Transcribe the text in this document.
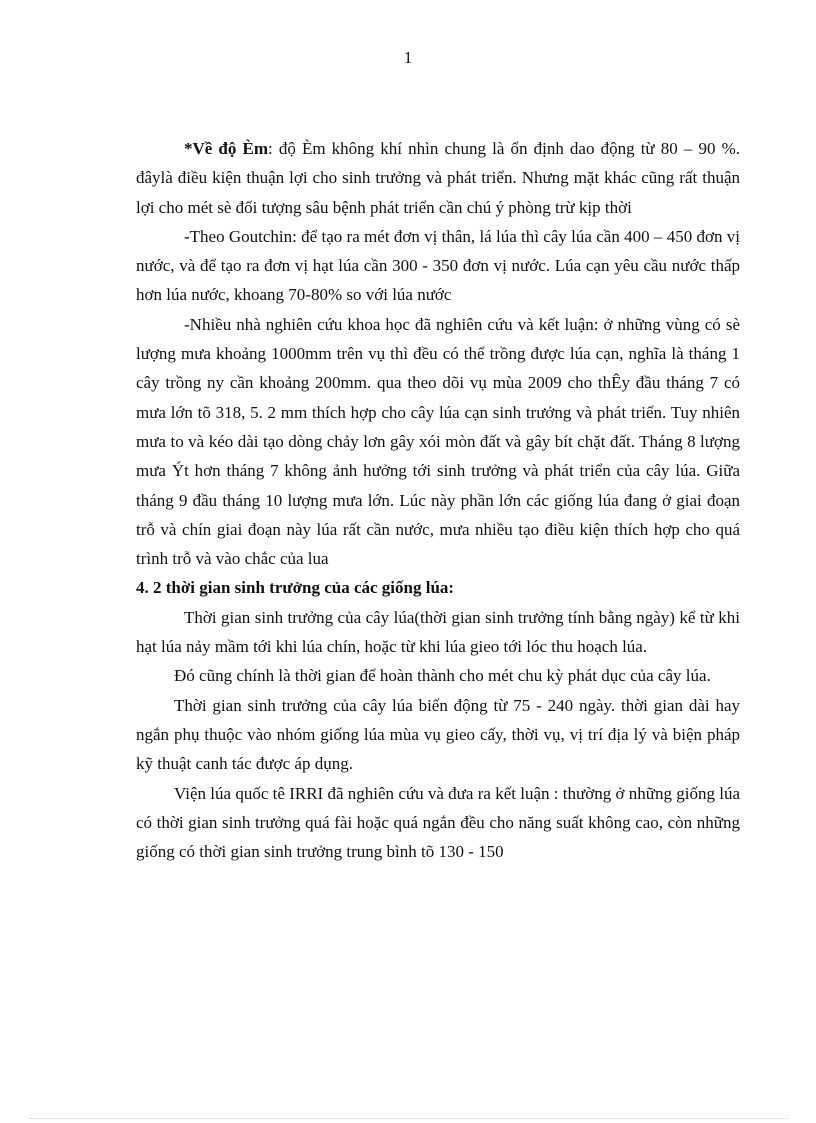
1

*Về độ Èm: độ Èm không khí nhìn chung là ổn định dao động từ 80 – 90 %. đâylà điều kiện thuận lợi cho sinh trưởng và phát triển. Nhưng mặt khác cũng rất thuận lợi cho mét sè đối tượng sâu bệnh phát triển cần chú ý phòng trừ kịp thời

-Theo Goutchin: để tạo ra mét đơn vị thân, lá lúa thì cây lúa cần 400 – 450 đơn vị nước, và để tạo ra đơn vị hạt lúa cần 300 - 350 đơn vị nước. Lúa cạn yêu cầu nước thấp hơn lúa nước, khoang 70-80% so với lúa nước

-Nhiều nhà nghiên cứu khoa học đã nghiên cứu và kết luận: ở những vùng có sè lượng mưa khoảng 1000mm trên vụ thì đều có thể trồng được lúa cạn, nghĩa là tháng 1 cây trồng ny cần khoảng 200mm. qua theo dõi vụ mùa 2009 cho thÊy đầu tháng 7 có mưa lớn tõ 318, 5. 2 mm thích hợp cho cây lúa cạn sinh trưởng và phát triển. Tuy nhiên mưa to và kéo dài tạo dòng chảy lơn gây xói mòn đất và gây bít chặt đất. Tháng 8 lượng mưa Ýt hơn tháng 7 không ảnh hưởng tới sinh trưởng và phát triển của cây lúa. Giữa tháng 9 đầu tháng 10 lượng mưa lớn. Lúc này phần lớn các giống lúa đang ở giai đoạn trỗ và chín giai đoạn này lúa rất cần nước, mưa nhiều tạo điều kiện thích hợp cho quá trình trỗ và vào chắc của lua

4. 2 thời gian sinh trưởng của các giống lúa:

Thời gian sinh trưởng của cây lúa(thời gian sinh trưởng tính bằng ngày) kể từ khi hạt lúa nảy mầm tới khi lúa chín, hoặc từ khi lúa gieo tới lóc thu hoạch lúa.

Đó cũng chính là thời gian để hoàn thành cho mét chu kỳ phát dục của cây lúa.

Thời gian sinh trưởng của cây lúa biến động từ 75 - 240 ngày. thời gian dài hay ngắn phụ thuộc vào nhóm giống lúa mùa vụ gieo cấy, thời vụ, vị trí địa lý và biện pháp kỹ thuật canh tác được áp dụng.

Viện lúa quốc tê IRRI đã nghiên cứu và đưa ra kết luận : thường ở những giống lúa có thời gian sinh trưởng quá fài hoặc quá ngắn đều cho năng suất không cao, còn những giống có thời gian sinh trưởng trung bình tõ 130 - 150
